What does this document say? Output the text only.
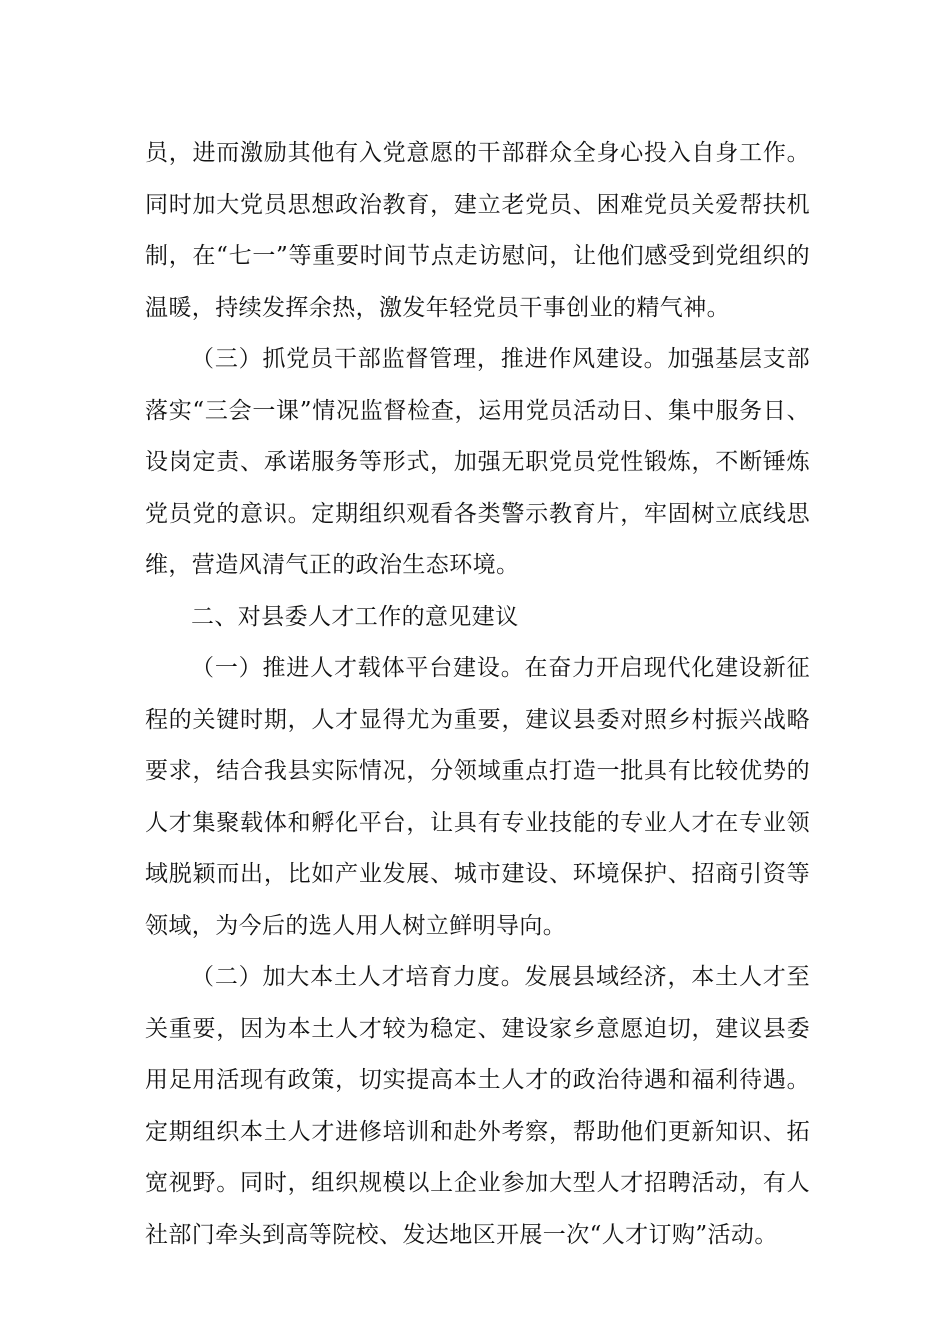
员，进而激励其他有入党意愿的干部群众全身心投入自身工作。同时加大党员思想政治教育，建立老党员、困难党员关爱帮扶机制，在“七一”等重要时间节点走访慰问，让他们感受到党组织的温暖，持续发挥余热，激发年轻党员干事创业的精气神。

（三）抓党员干部监督管理，推进作风建设。加强基层支部落实“三会一课”情况监督检查，运用党员活动日、集中服务日、设岗定责、承诺服务等形式，加强无职党员党性锻炼，不断锤炼党员党的意识。定期组织观看各类警示教育片，牢固树立底线思维，营造风清气正的政治生态环境。

二、对县委人才工作的意见建议

（一）推进人才载体平台建设。在奋力开启现代化建设新征程的关键时期，人才显得尤为重要，建议县委对照乡村振兴战略要求，结合我县实际情况，分领域重点打造一批具有比较优势的人才集聚载体和孵化平台，让具有专业技能的专业人才在专业领域脱颖而出，比如产业发展、城市建设、环境保护、招商引资等领域，为今后的选人用人树立鲜明导向。

（二）加大本土人才培育力度。发展县域经济，本土人才至关重要，因为本土人才较为稳定、建设家乡意愿迫切，建议县委用足用活现有政策，切实提高本土人才的政治待遇和福利待遇。定期组织本土人才进修培训和赴外考察，帮助他们更新知识、拓宽视野。同时，组织规模以上企业参加大型人才招聘活动，有人社部门牵头到高等院校、发达地区开展一次“人才订购”活动。
